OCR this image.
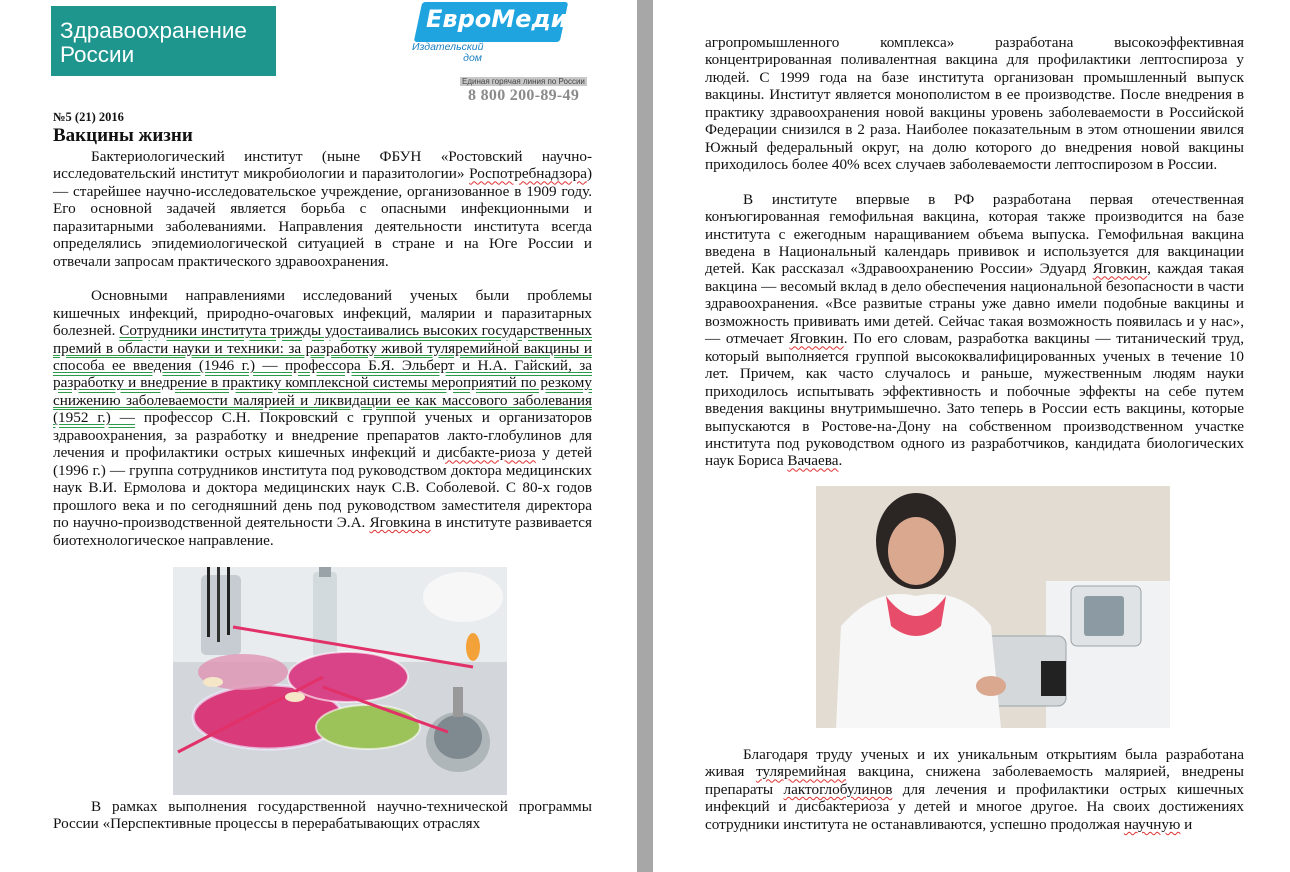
Здравоохранение
России
ЕвроМедиа
Издательский
дом
Единая горячая линия по России
8 800 200-89-49
№5 (21) 2016
Вакцины жизни

Бактериологический институт (ныне ФБУН «Ростовский научно-исследовательский институт микробиологии и паразитологии» Роспотребнадзора) — старейшее научно-исследовательское учреждение, организованное в 1909 году. Его основной задачей является борьба с опасными инфекционными и паразитарными заболеваниями. Направления деятельности института всегда определялись эпидемиологической ситуацией в стране и на Юге России и отвечали запросам практического здравоохранения.

Основными направлениями исследований ученых были проблемы кишечных инфекций, природно-очаговых инфекций, малярии и паразитарных болезней. Сотрудники института трижды удостаивались высоких государственных премий в области науки и техники: за разработку живой туляремийной вакцины и способа ее введения (1946 г.) — профессора Б.Я. Эльберт и Н.А. Гайский, за разработку и внедрение в практику комплексной системы мероприятий по резкому снижению заболеваемости малярией и ликвидации ее как массового заболевания (1952 г.) — профессор С.Н. Покровский с группой ученых и организаторов здравоохранения, за разработку и внедрение препаратов лакто-глобулинов для лечения и профилактики острых кишечных инфекций и дисбакте-риоза у детей (1996 г.) — группа сотрудников института под руководством доктора медицинских наук В.И. Ермолова и доктора медицинских наук С.В. Соболевой. С 80-х годов прошлого века и по сегодняшний день под руководством заместителя директора по научно-производственной деятельности Э.А. Яговкина в институте развивается биотехнологическое направление.

В рамках выполнения государственной научно-технической программы России «Перспективные процессы в перерабатывающих отраслях

агропромышленного комплекса» разработана высокоэффективная концентрированная поливалентная вакцина для профилактики лептоспироза у людей. С 1999 года на базе института организован промышленный выпуск вакцины. Институт является монополистом в ее производстве. После внедрения в практику здравоохранения новой вакцины уровень заболеваемости в Российской Федерации снизился в 2 раза. Наиболее показательным в этом отношении явился Южный федеральный округ, на долю которого до внедрения новой вакцины приходилось более 40% всех случаев заболеваемости лептоспирозом в России.

В институте впервые в РФ разработана первая отечественная конъюгированная гемофильная вакцина, которая также производится на базе института с ежегодным наращиванием объема выпуска. Гемофильная вакцина введена в Национальный календарь прививок и используется для вакцинации детей. Как рассказал «Здравоохранению России» Эдуард Яговкин, каждая такая вакцина — весомый вклад в дело обеспечения национальной безопасности в части здравоохранения. «Все развитые страны уже давно имели подобные вакцины и возможность прививать ими детей. Сейчас такая возможность появилась и у нас», — отмечает Яговкин. По его словам, разработка вакцины — титанический труд, который выполняется группой высококвалифицированных ученых в течение 10 лет. Причем, как часто случалось и раньше, мужественным людям науки приходилось испытывать эффективность и побочные эффекты на себе путем введения вакцины внутримышечно. Зато теперь в России есть вакцины, которые выпускаются в Ростове-на-Дону на собственном производственном участке института под руководством одного из разработчиков, кандидата биологических наук Бориса Вачаева.

Благодаря труду ученых и их уникальным открытиям была разработана живая туляремийная вакцина, снижена заболеваемость малярией, внедрены препараты лактоглобулинов для лечения и профилактики острых кишечных инфекций и дисбактериоза у детей и многое другое. На своих достижениях сотрудники института не останавливаются, успешно продолжая научную и
